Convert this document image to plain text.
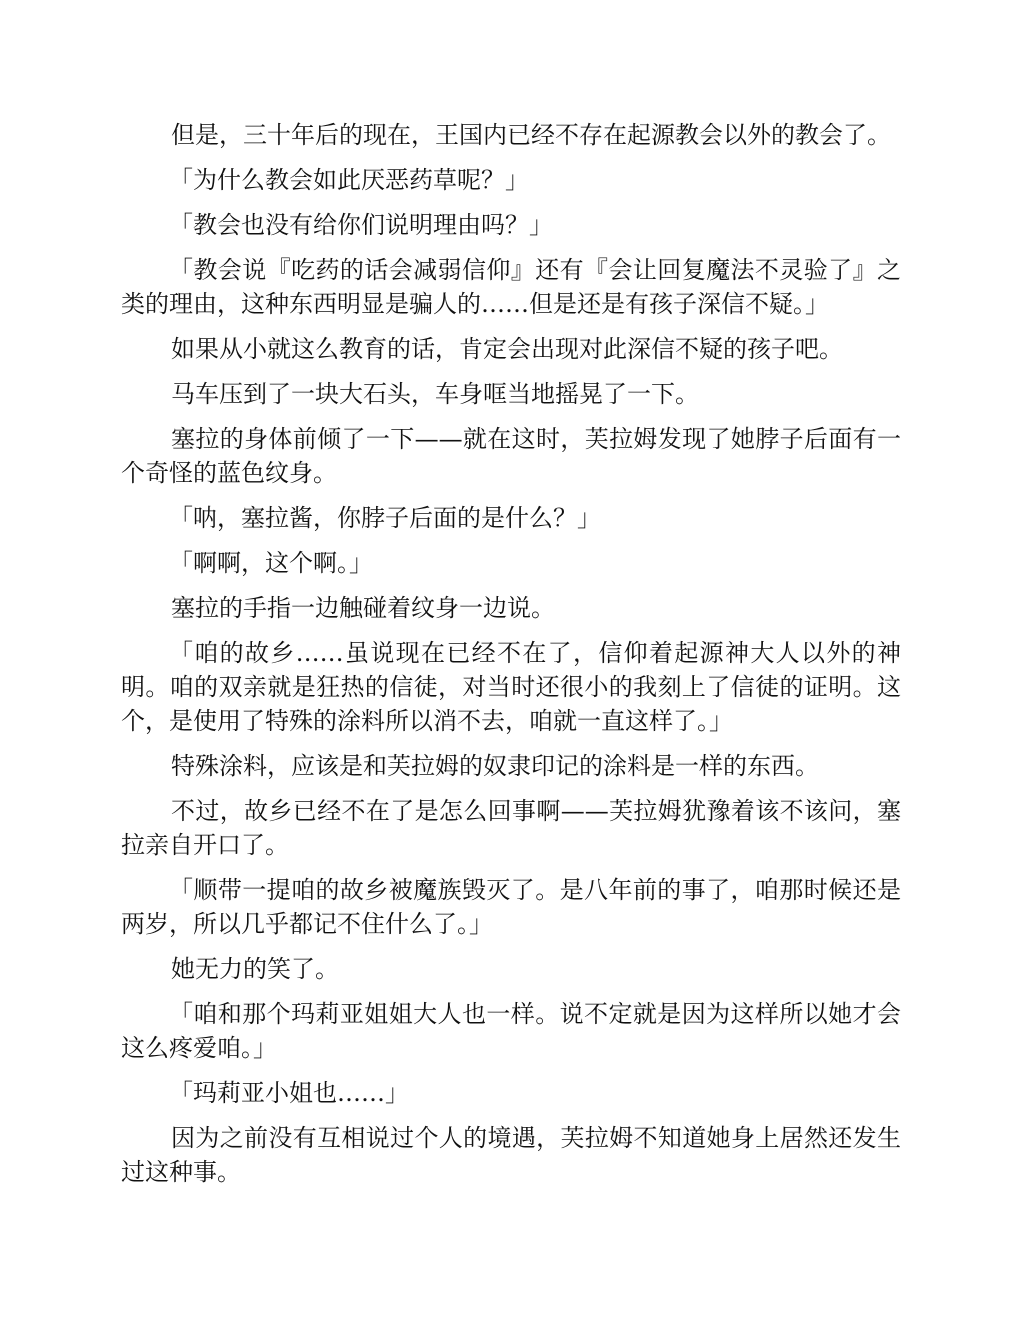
但是，三十年后的现在，王国内已经不存在起源教会以外的教会了。

「为什么教会如此厌恶药草呢？」

「教会也没有给你们说明理由吗？」

「教会说『吃药的话会减弱信仰』还有『会让回复魔法不灵验了』之类的理由，这种东西明显是骗人的……但是还是有孩子深信不疑。」

如果从小就这么教育的话，肯定会出现对此深信不疑的孩子吧。

马车压到了一块大石头，车身哐当地摇晃了一下。

塞拉的身体前倾了一下——就在这时，芙拉姆发现了她脖子后面有一个奇怪的蓝色纹身。

「呐，塞拉酱，你脖子后面的是什么？」

「啊啊，这个啊。」

塞拉的手指一边触碰着纹身一边说。

「咱的故乡……虽说现在已经不在了，信仰着起源神大人以外的神明。咱的双亲就是狂热的信徒，对当时还很小的我刻上了信徒的证明。这个，是使用了特殊的涂料所以消不去，咱就一直这样了。」

特殊涂料，应该是和芙拉姆的奴隶印记的涂料是一样的东西。

不过，故乡已经不在了是怎么回事啊——芙拉姆犹豫着该不该问，塞拉亲自开口了。

「顺带一提咱的故乡被魔族毁灭了。是八年前的事了，咱那时候还是两岁，所以几乎都记不住什么了。」

她无力的笑了。

「咱和那个玛莉亚姐姐大人也一样。说不定就是因为这样所以她才会这么疼爱咱。」

「玛莉亚小姐也……」

因为之前没有互相说过个人的境遇，芙拉姆不知道她身上居然还发生过这种事。
